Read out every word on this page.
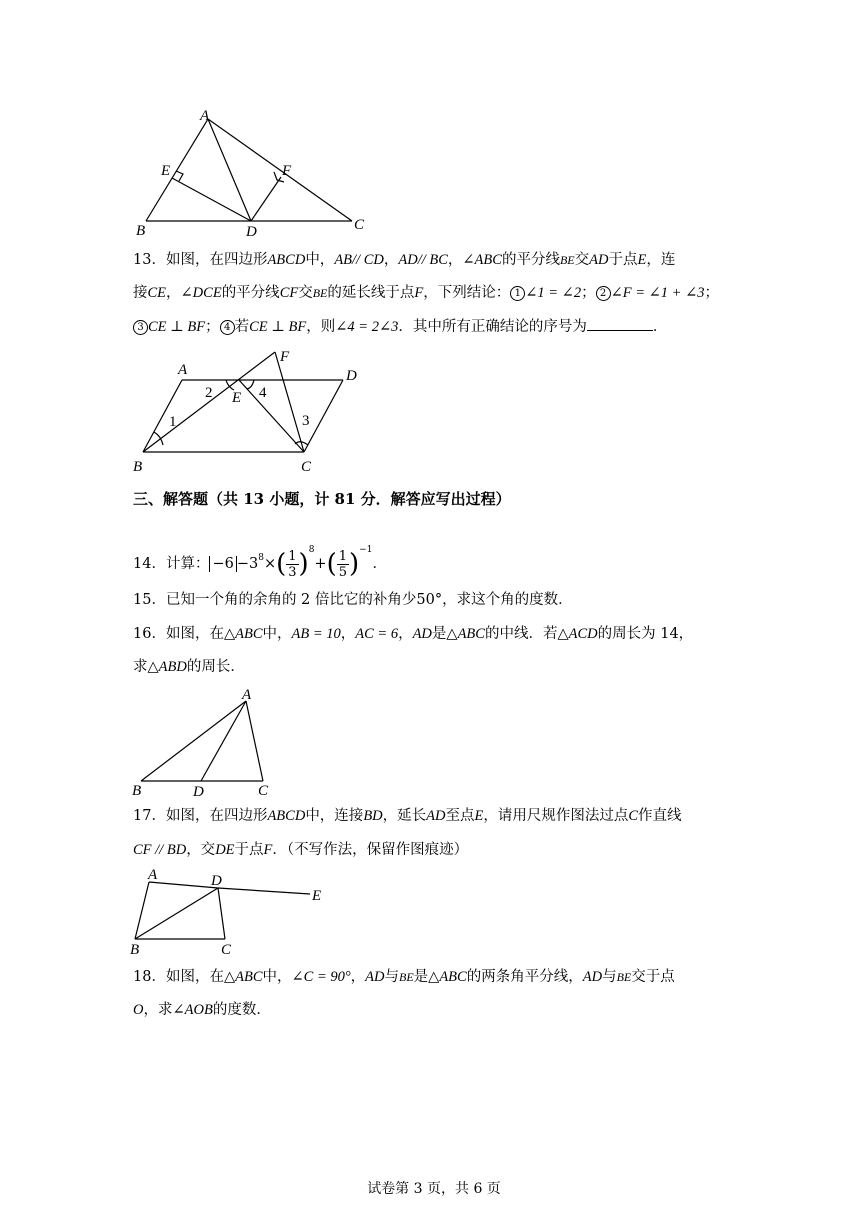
A
E	F
B	D	C
13．如图，在四边形ABCD中，AB// CD，AD// BC，∠ABC的平分线BE交AD于点E，连
接CE，∠DCE的平分线CF交BE的延长线于点F，下列结论： 1 ∠1 = ∠2； 2 ∠F = ∠1 + ∠3；
3 CE ⊥ BF； 4 若CE ⊥ BF，则∠4 = 2∠3．其中所有正确结论的序号为	．
A
F
D
2 E 4
1	3
B	C
三、解答题（共 13 小题，计 81 分．解答应写出过程）
14．计算： $-6 -3^8\times( \frac{1}{3} )^8+( \frac{1}{5} )^{-1}$．
15．已知一个角的余角的 2 倍比它的补角少50°，求这个角的度数．
16．如图，在△ABC中，AB = 10，AC = 6，AD是△ABC的中线．若△ACD的周长为 14，
求△ABD的周长．
A
B	D	C
17．如图，在四边形ABCD中，连接BD，延长AD至点E，请用尺规作图法过点C作直线
CF // BD，交DE于点F．（不写作法，保留作图痕迹）
A	D
E
B	C
18．如图，在△ABC中，∠C = 90°，AD与BE是△ABC的两条角平分线，AD与BE交于点
O，求∠AOB的度数．
试卷第 3 页，共 6 页
